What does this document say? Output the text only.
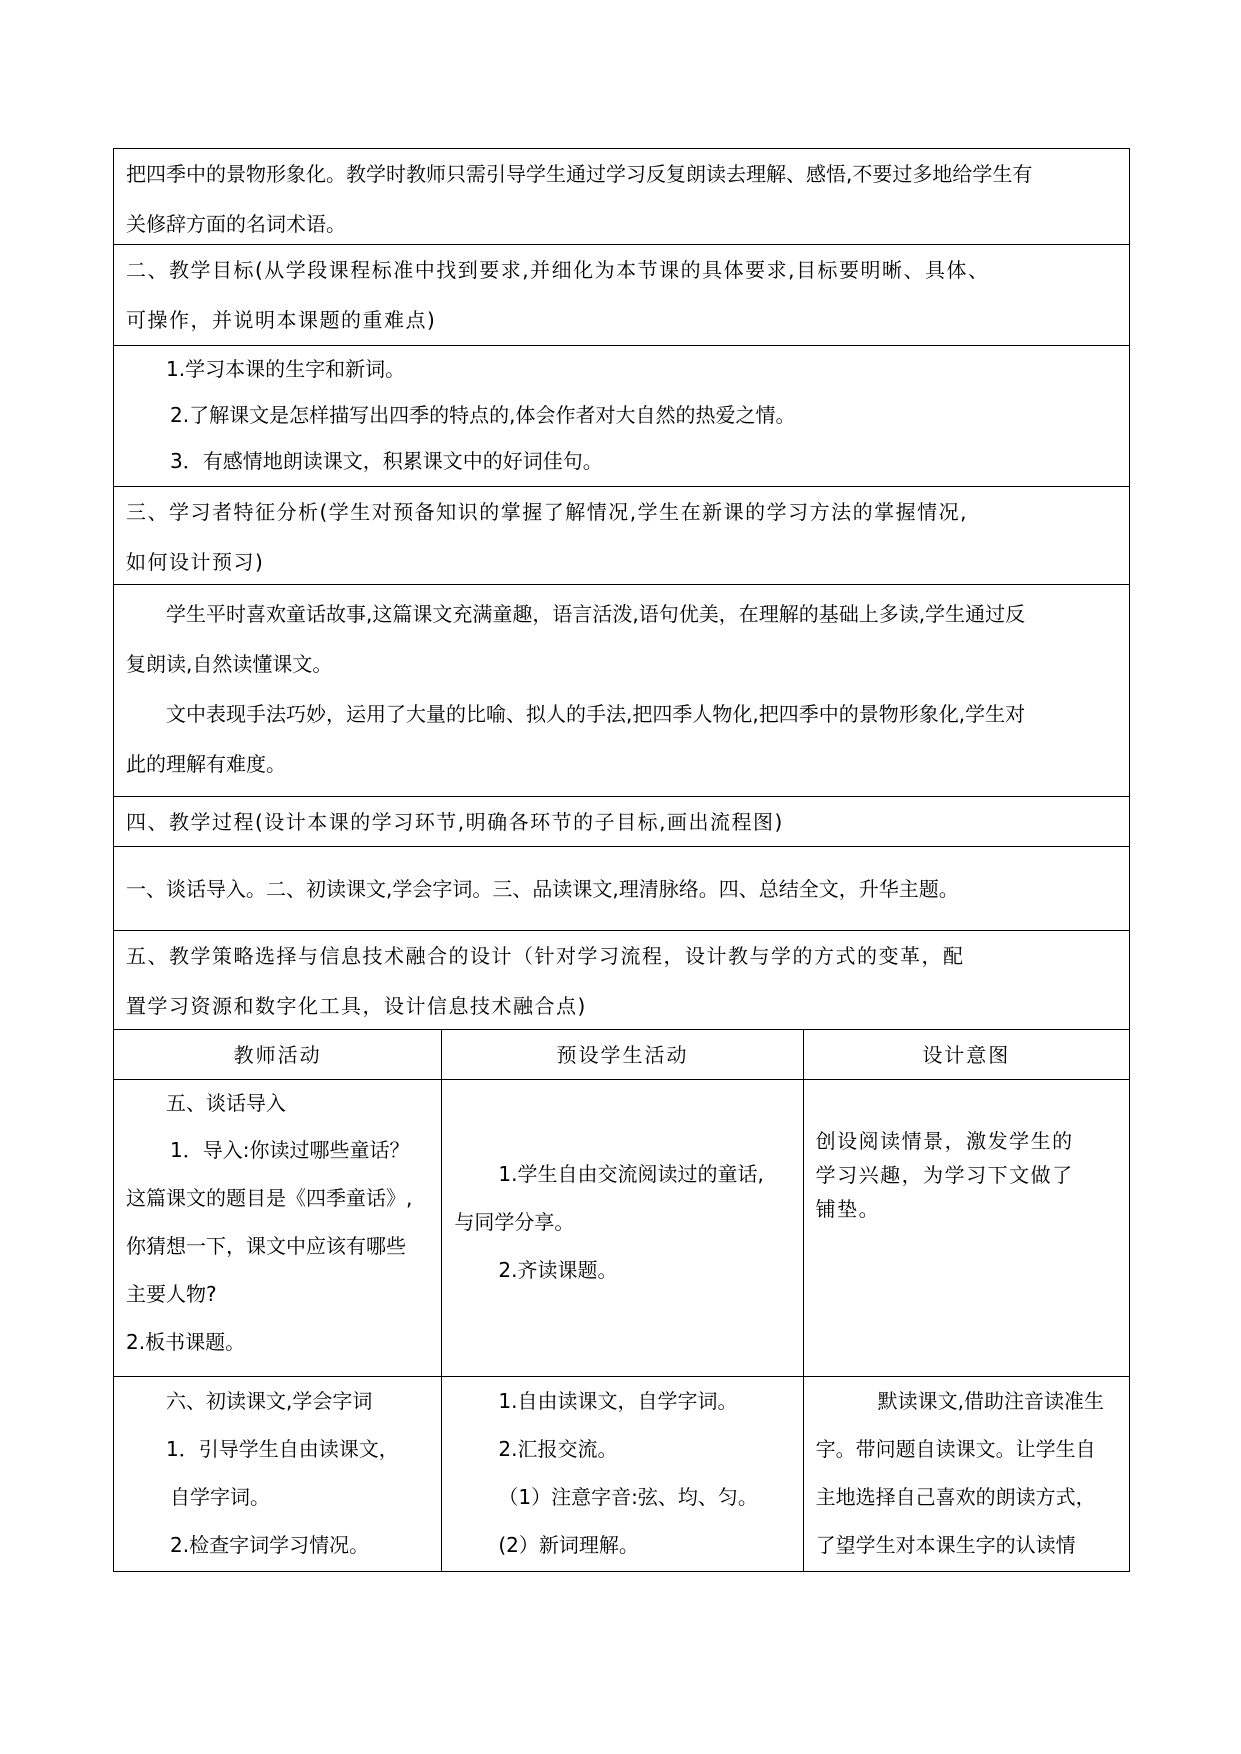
把四季中的景物形象化。教学时教师只需引导学生通过学习反复朗读去理解、感悟,不要过多地给学生有

关修辞方面的名词术语。

二、教学目标(从学段课程标准中找到要求,并细化为本节课的具体要求,目标要明晰、具体、

可操作，并说明本课题的重难点)

1.学习本课的生字和新词。

2.了解课文是怎样描写出四季的特点的,体会作者对大自然的热爱之情。

3．有感情地朗读课文，积累课文中的好词佳句。

三、学习者特征分析(学生对预备知识的掌握了解情况,学生在新课的学习方法的掌握情况,

如何设计预习)

学生平时喜欢童话故事,这篇课文充满童趣，语言活泼,语句优美，在理解的基础上多读,学生通过反

复朗读,自然读懂课文。

文中表现手法巧妙，运用了大量的比喻、拟人的手法,把四季人物化,把四季中的景物形象化,学生对

此的理解有难度。

四、教学过程(设计本课的学习环节,明确各环节的子目标,画出流程图)

一、谈话导入。二、初读课文,学会字词。三、品读课文,理清脉络。四、总结全文，升华主题。

五、教学策略选择与信息技术融合的设计（针对学习流程，设计教与学的方式的变革，配

置学习资源和数字化工具，设计信息技术融合点)

教师活动	预设学生活动	设计意图

五、谈话导入

1．导入:你读过哪些童话？

这篇课文的题目是《四季童话》,

你猜想一下，课文中应该有哪些

主要人物?

2.板书课题。

1.学生自由交流阅读过的童话,

与同学分享。

2.齐读课题。

创设阅读情景，激发学生的

学习兴趣，为学习下文做了

铺垫。

六、初读课文,学会字词

1．引导学生自由读课文，

自学字词。

2.检查字词学习情况。

1.自由读课文，自学字词。

2.汇报交流。

（1）注意字音:弦、均、匀。

(2）新词理解。

默读课文,借助注音读准生

字。带问题自读课文。让学生自

主地选择自己喜欢的朗读方式，

了望学生对本课生字的认读情
